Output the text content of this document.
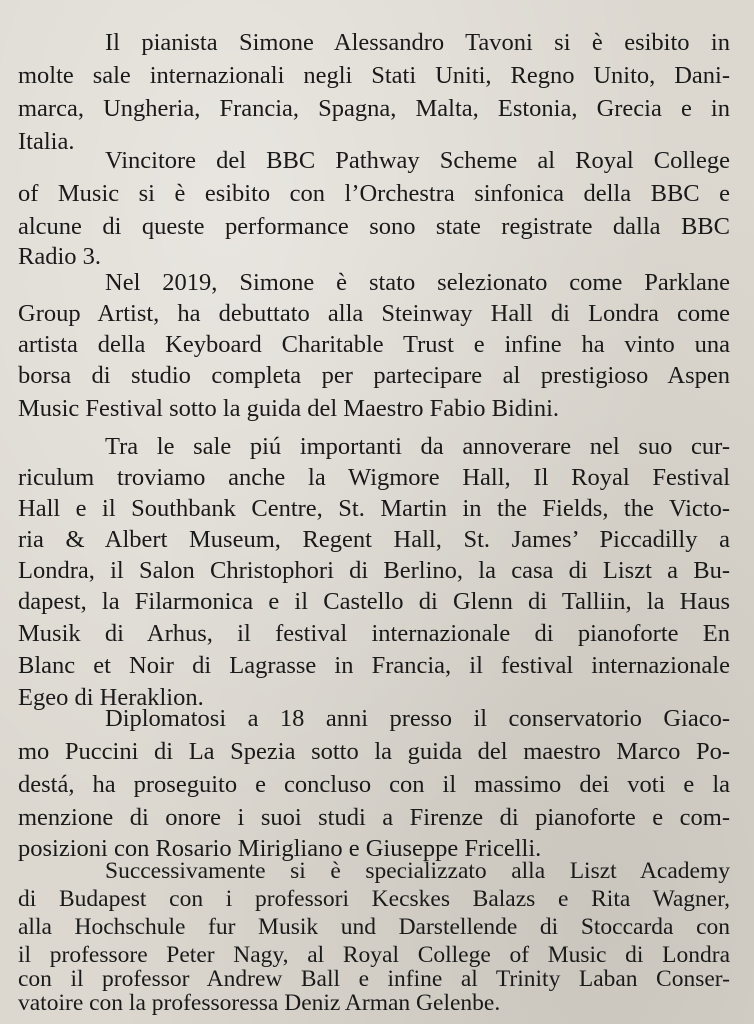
Il pianista Simone Alessandro Tavoni si è esibito in
molte sale internazionali negli Stati Uniti, Regno Unito, Dani-
marca, Ungheria, Francia, Spagna, Malta, Estonia, Grecia e in
Italia.
Vincitore del BBC Pathway Scheme al Royal College
of Music si è esibito con l’Orchestra sinfonica della BBC e
alcune di queste performance sono state registrate dalla BBC
Radio 3.
Nel 2019, Simone è stato selezionato come Parklane
Group Artist, ha debuttato alla Steinway Hall di Londra come
artista della Keyboard Charitable Trust e infine ha vinto una
borsa di studio completa per partecipare al prestigioso Aspen
Music Festival sotto la guida del Maestro Fabio Bidini.
Tra le sale piú importanti da annoverare nel suo cur-
riculum troviamo anche la Wigmore Hall, Il Royal Festival
Hall e il Southbank Centre, St. Martin in the Fields, the Victo-
ria & Albert Museum, Regent Hall, St. James’ Piccadilly a
Londra, il Salon Christophori di Berlino, la casa di Liszt a Bu-
dapest, la Filarmonica e il Castello di Glenn di Talliin, la Haus
Musik di Arhus, il festival internazionale di pianoforte En
Blanc et Noir di Lagrasse in Francia, il festival internazionale
Egeo di Heraklion.
Diplomatosi a 18 anni presso il conservatorio Giaco-
mo Puccini di La Spezia sotto la guida del maestro Marco Po-
destá, ha proseguito e concluso con il massimo dei voti e la
menzione di onore i suoi studi a Firenze di pianoforte e com-
posizioni con Rosario Mirigliano e Giuseppe Fricelli.
Successivamente si è specializzato alla Liszt Academy
di Budapest con i professori Kecskes Balazs e Rita Wagner,
alla Hochschule fur Musik und Darstellende di Stoccarda con
il professore Peter Nagy, al Royal College of Music di Londra
con il professor Andrew Ball e infine al Trinity Laban Conser-
vatoire con la professoressa Deniz Arman Gelenbe.
